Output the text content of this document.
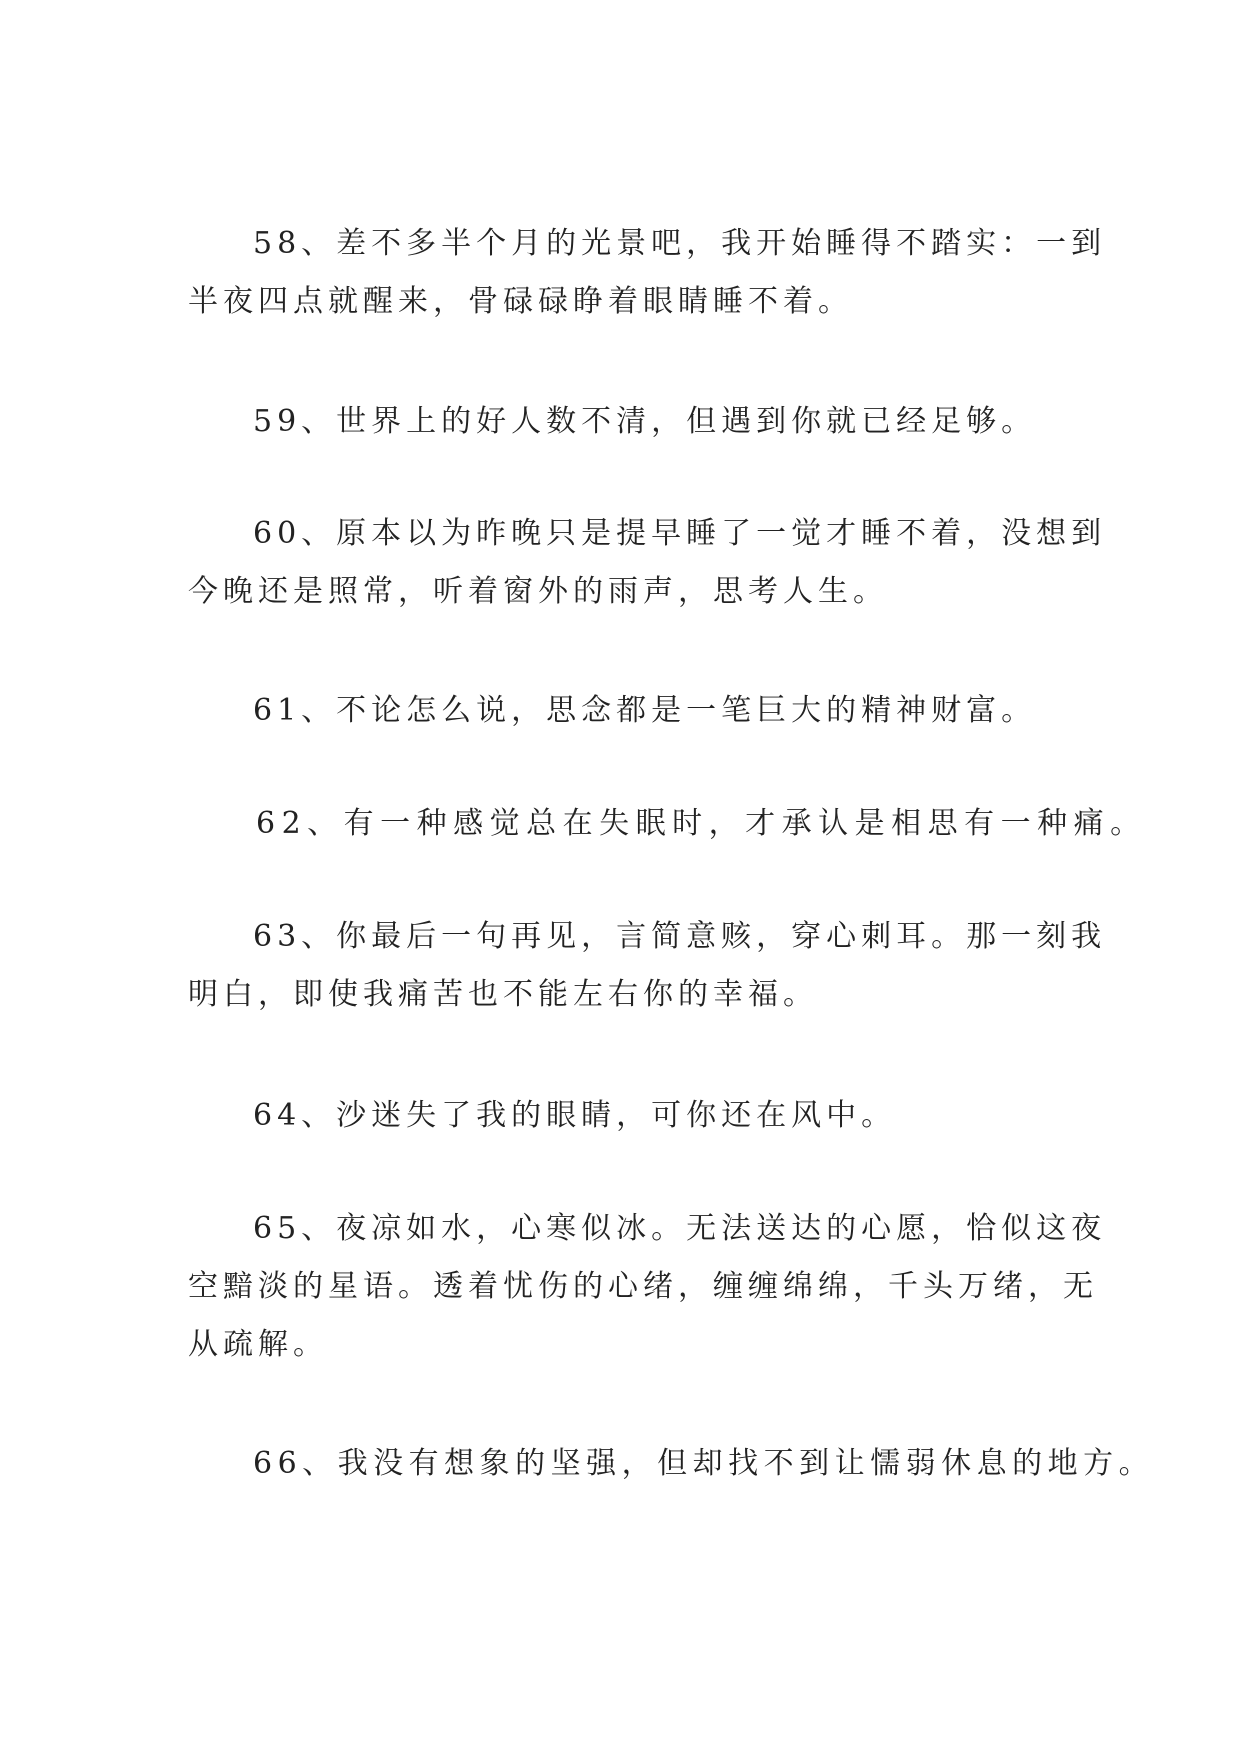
58、差不多半个月的光景吧，我开始睡得不踏实：一到
半夜四点就醒来，骨碌碌睁着眼睛睡不着。
59、世界上的好人数不清，但遇到你就已经足够。
60、原本以为昨晚只是提早睡了一觉才睡不着，没想到
今晚还是照常，听着窗外的雨声，思考人生。
61、不论怎么说，思念都是一笔巨大的精神财富。
62、有一种感觉总在失眠时，才承认是相思有一种痛。
63、你最后一句再见，言简意赅，穿心刺耳。那一刻我
明白，即使我痛苦也不能左右你的幸福。
64、沙迷失了我的眼睛，可你还在风中。
65、夜凉如水，心寒似冰。无法送达的心愿，恰似这夜
空黯淡的星语。透着忧伤的心绪，缠缠绵绵，千头万绪，无
从疏解。
66、我没有想象的坚强，但却找不到让懦弱休息的地方。
